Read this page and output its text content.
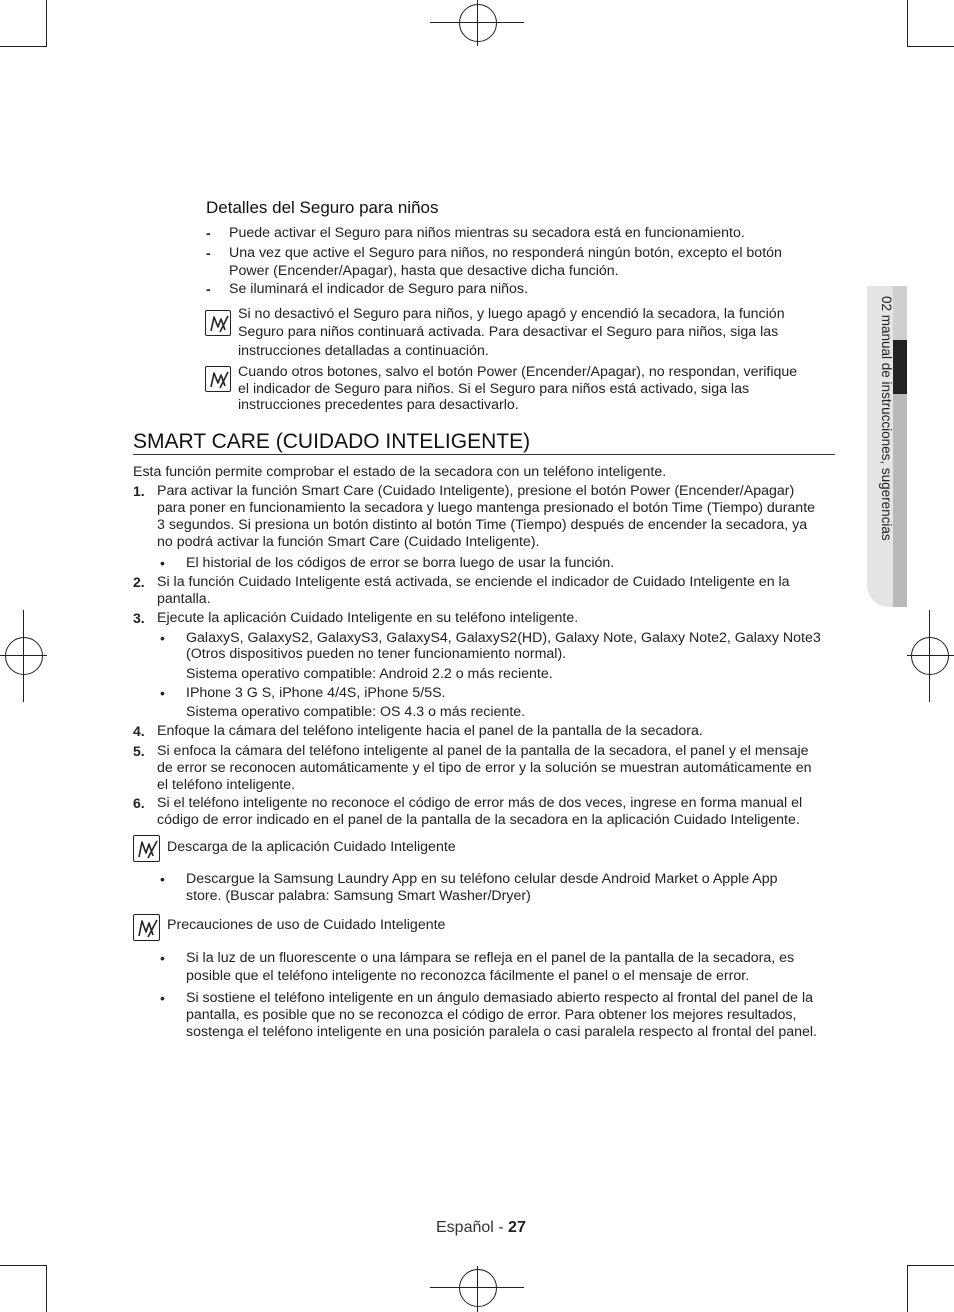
02 manual de instrucciones, sugerencias
Detalles del Seguro para niños
- Puede activar el Seguro para niños mientras su secadora está en funcionamiento.
- Una vez que active el Seguro para niños, no responderá ningún botón, excepto el botón
Power (Encender/Apagar), hasta que desactive dicha función.
- Se iluminará el indicador de Seguro para niños.
Si no desactivó el Seguro para niños, y luego apagó y encendió la secadora, la función
Seguro para niños continuará activada. Para desactivar el Seguro para niños, siga las
instrucciones detalladas a continuación.
Cuando otros botones, salvo el botón Power (Encender/Apagar), no respondan, verifique
el indicador de Seguro para niños. Si el Seguro para niños está activado, siga las
instrucciones precedentes para desactivarlo.
SMART CARE (CUIDADO INTELIGENTE)
Esta función permite comprobar el estado de la secadora con un teléfono inteligente.
1. Para activar la función Smart Care (Cuidado Inteligente), presione el botón Power (Encender/Apagar)
para poner en funcionamiento la secadora y luego mantenga presionado el botón Time (Tiempo) durante
3 segundos. Si presiona un botón distinto al botón Time (Tiempo) después de encender la secadora, ya
no podrá activar la función Smart Care (Cuidado Inteligente).
• El historial de los códigos de error se borra luego de usar la función.
2. Si la función Cuidado Inteligente está activada, se enciende el indicador de Cuidado Inteligente en la
pantalla.
3. Ejecute la aplicación Cuidado Inteligente en su teléfono inteligente.
• GalaxyS, GalaxyS2, GalaxyS3, GalaxyS4, GalaxyS2(HD), Galaxy Note, Galaxy Note2, Galaxy Note3
(Otros dispositivos pueden no tener funcionamiento normal).
Sistema operativo compatible: Android 2.2 o más reciente.
• IPhone 3 G S, iPhone 4/4S, iPhone 5/5S.
Sistema operativo compatible: OS 4.3 o más reciente.
4. Enfoque la cámara del teléfono inteligente hacia el panel de la pantalla de la secadora.
5. Si enfoca la cámara del teléfono inteligente al panel de la pantalla de la secadora, el panel y el mensaje
de error se reconocen automáticamente y el tipo de error y la solución se muestran automáticamente en
el teléfono inteligente.
6. Si el teléfono inteligente no reconoce el código de error más de dos veces, ingrese en forma manual el
código de error indicado en el panel de la pantalla de la secadora en la aplicación Cuidado Inteligente.
Descarga de la aplicación Cuidado Inteligente
• Descargue la Samsung Laundry App en su teléfono celular desde Android Market o Apple App
store. (Buscar palabra: Samsung Smart Washer/Dryer)
Precauciones de uso de Cuidado Inteligente
• Si la luz de un fluorescente o una lámpara se refleja en el panel de la pantalla de la secadora, es
posible que el teléfono inteligente no reconozca fácilmente el panel o el mensaje de error.
• Si sostiene el teléfono inteligente en un ángulo demasiado abierto respecto al frontal del panel de la
pantalla, es posible que no se reconozca el código de error. Para obtener los mejores resultados,
sostenga el teléfono inteligente en una posición paralela o casi paralela respecto al frontal del panel.
Español - 27
